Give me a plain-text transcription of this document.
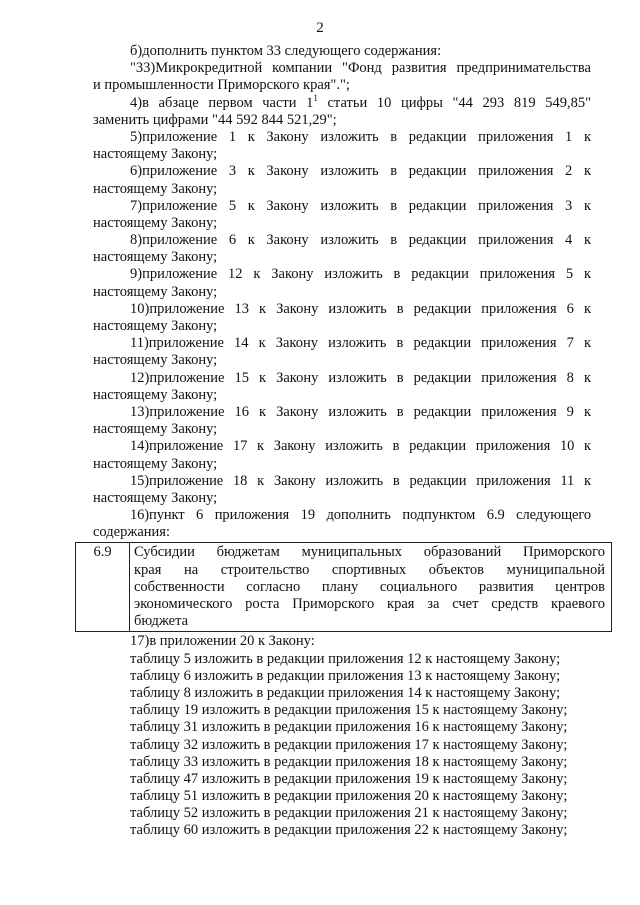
2
б)дополнить пунктом 33 следующего содержания:
"33)Микрокредитной компании "Фонд развития предпринимательства
и промышленности Приморского края".";
4)в абзаце первом части $1^1$ статьи 10 цифры "44 293 819 549,85"
заменить цифрами "44 592 844 521,29";
5)приложение 1 к Закону изложить в редакции приложения 1 к
настоящему Закону;
6)приложение 3 к Закону изложить в редакции приложения 2 к
настоящему Закону;
7)приложение 5 к Закону изложить в редакции приложения 3 к
настоящему Закону;
8)приложение 6 к Закону изложить в редакции приложения 4 к
настоящему Закону;
9)приложение 12 к Закону изложить в редакции приложения 5 к
настоящему Закону;
10)приложение 13 к Закону изложить в редакции приложения 6 к
настоящему Закону;
11)приложение 14 к Закону изложить в редакции приложения 7 к
настоящему Закону;
12)приложение 15 к Закону изложить в редакции приложения 8 к
настоящему Закону;
13)приложение 16 к Закону изложить в редакции приложения 9 к
настоящему Закону;
14)приложение 17 к Закону изложить в редакции приложения 10 к
настоящему Закону;
15)приложение 18 к Закону изложить в редакции приложения 11 к
настоящему Закону;
16)пункт 6 приложения 19 дополнить подпунктом 6.9 следующего
содержания:
6.9	Субсидии бюджетам муниципальных образований Приморского
края на строительство спортивных объектов муниципальной
собственности согласно плану социального развития центров
экономического роста Приморского края за счет средств краевого
бюджета
17)в приложении 20 к Закону:
таблицу 5 изложить в редакции приложения 12 к настоящему Закону;
таблицу 6 изложить в редакции приложения 13 к настоящему Закону;
таблицу 8 изложить в редакции приложения 14 к настоящему Закону;
таблицу 19 изложить в редакции приложения 15 к настоящему Закону;
таблицу 31 изложить в редакции приложения 16 к настоящему Закону;
таблицу 32 изложить в редакции приложения 17 к настоящему Закону;
таблицу 33 изложить в редакции приложения 18 к настоящему Закону;
таблицу 47 изложить в редакции приложения 19 к настоящему Закону;
таблицу 51 изложить в редакции приложения 20 к настоящему Закону;
таблицу 52 изложить в редакции приложения 21 к настоящему Закону;
таблицу 60 изложить в редакции приложения 22 к настоящему Закону;
